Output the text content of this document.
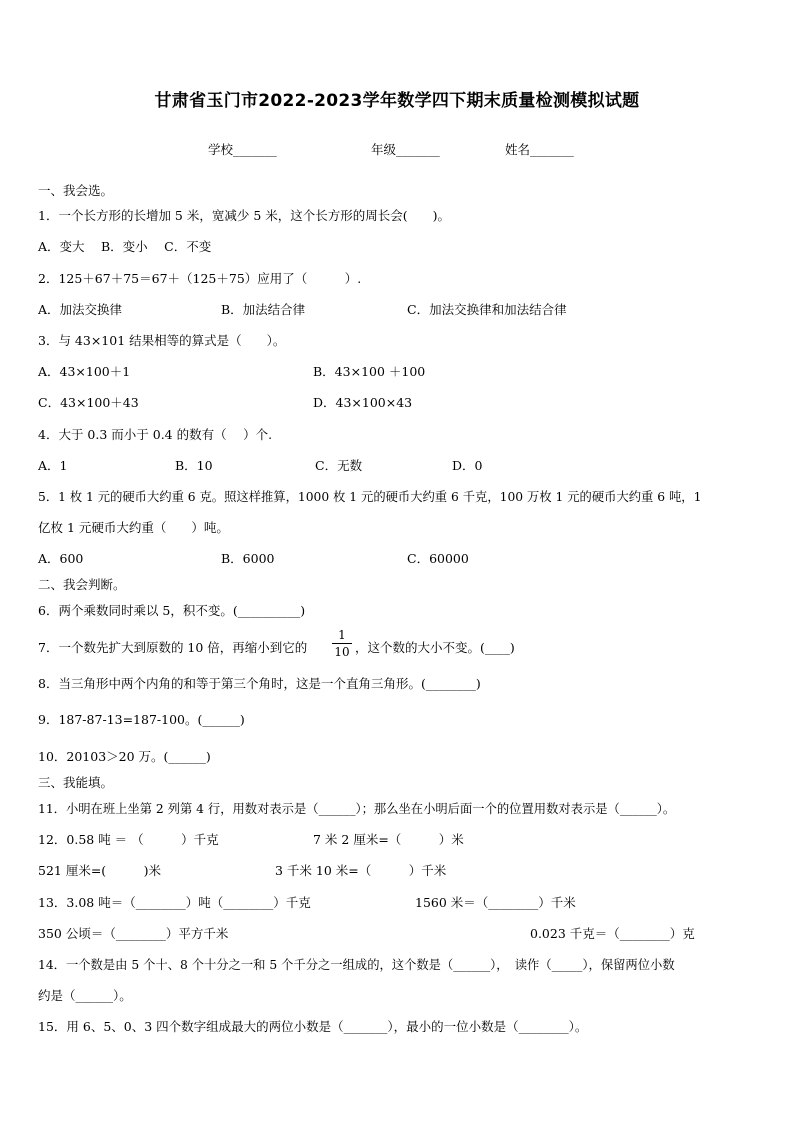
甘肃省玉门市2022-2023学年数学四下期末质量检测模拟试题
学校_______	年级_______	姓名_______
一、我会选。
1．一个长方形的长增加 5 米，宽减少 5 米，这个长方形的周长会(　　)。
A．变大　 B．变小　 C．不变
2．125＋67＋75＝67＋（125＋75）应用了（　　　）.
A．加法交换律	B．加法结合律	C．加法交换律和加法结合律
3．与 43×101 结果相等的算式是（　　）。
A．43×100＋1	B．43×100 ＋100
C．43×100＋43	D．43×100×43
4．大于 0.3 而小于 0.4 的数有（　 ）个.
A．1	B．10	C．无数	D．0
5．1 枚 1 元的硬币大约重 6 克。照这样推算，1000 枚 1 元的硬币大约重 6 千克，100 万枚 1 元的硬币大约重 6 吨，1
亿枚 1 元硬币大约重（　　）吨。
A．600	B．6000	C．60000
二、我会判断。
6．两个乘数同时乘以 5，积不变。(__________)
7．一个数先扩大到原数的 10 倍，再缩小到它的
1
10 ，这个数的大小不变。(____)
8．当三角形中两个内角的和等于第三个角时，这是一个直角三角形。(________)
9．187-87-13=187-100。(______)
10．20103＞20 万。(______)
三、我能填。
11．小明在班上坐第 2 列第 4 行，用数对表示是（______）；那么坐在小明后面一个的位置用数对表示是（______）。
12．0.58 吨 ＝ （　　　）千克	7 米 2 厘米=（　　　）米
521 厘米=(　　　)米	3 千米 10 米=（　　　）千米
13．3.08 吨＝（________）吨（________）千克	1560 米＝（________）千米
350 公顷＝（________）平方千米	0.023 千克＝（________）克
14．一个数是由 5 个十、8 个十分之一和 5 个千分之一组成的，这个数是（______），　读作（_____），保留两位小数
约是（______）。
15．用 6、5、0、3 四个数字组成最大的两位小数是（_______），最小的一位小数是（________）。
